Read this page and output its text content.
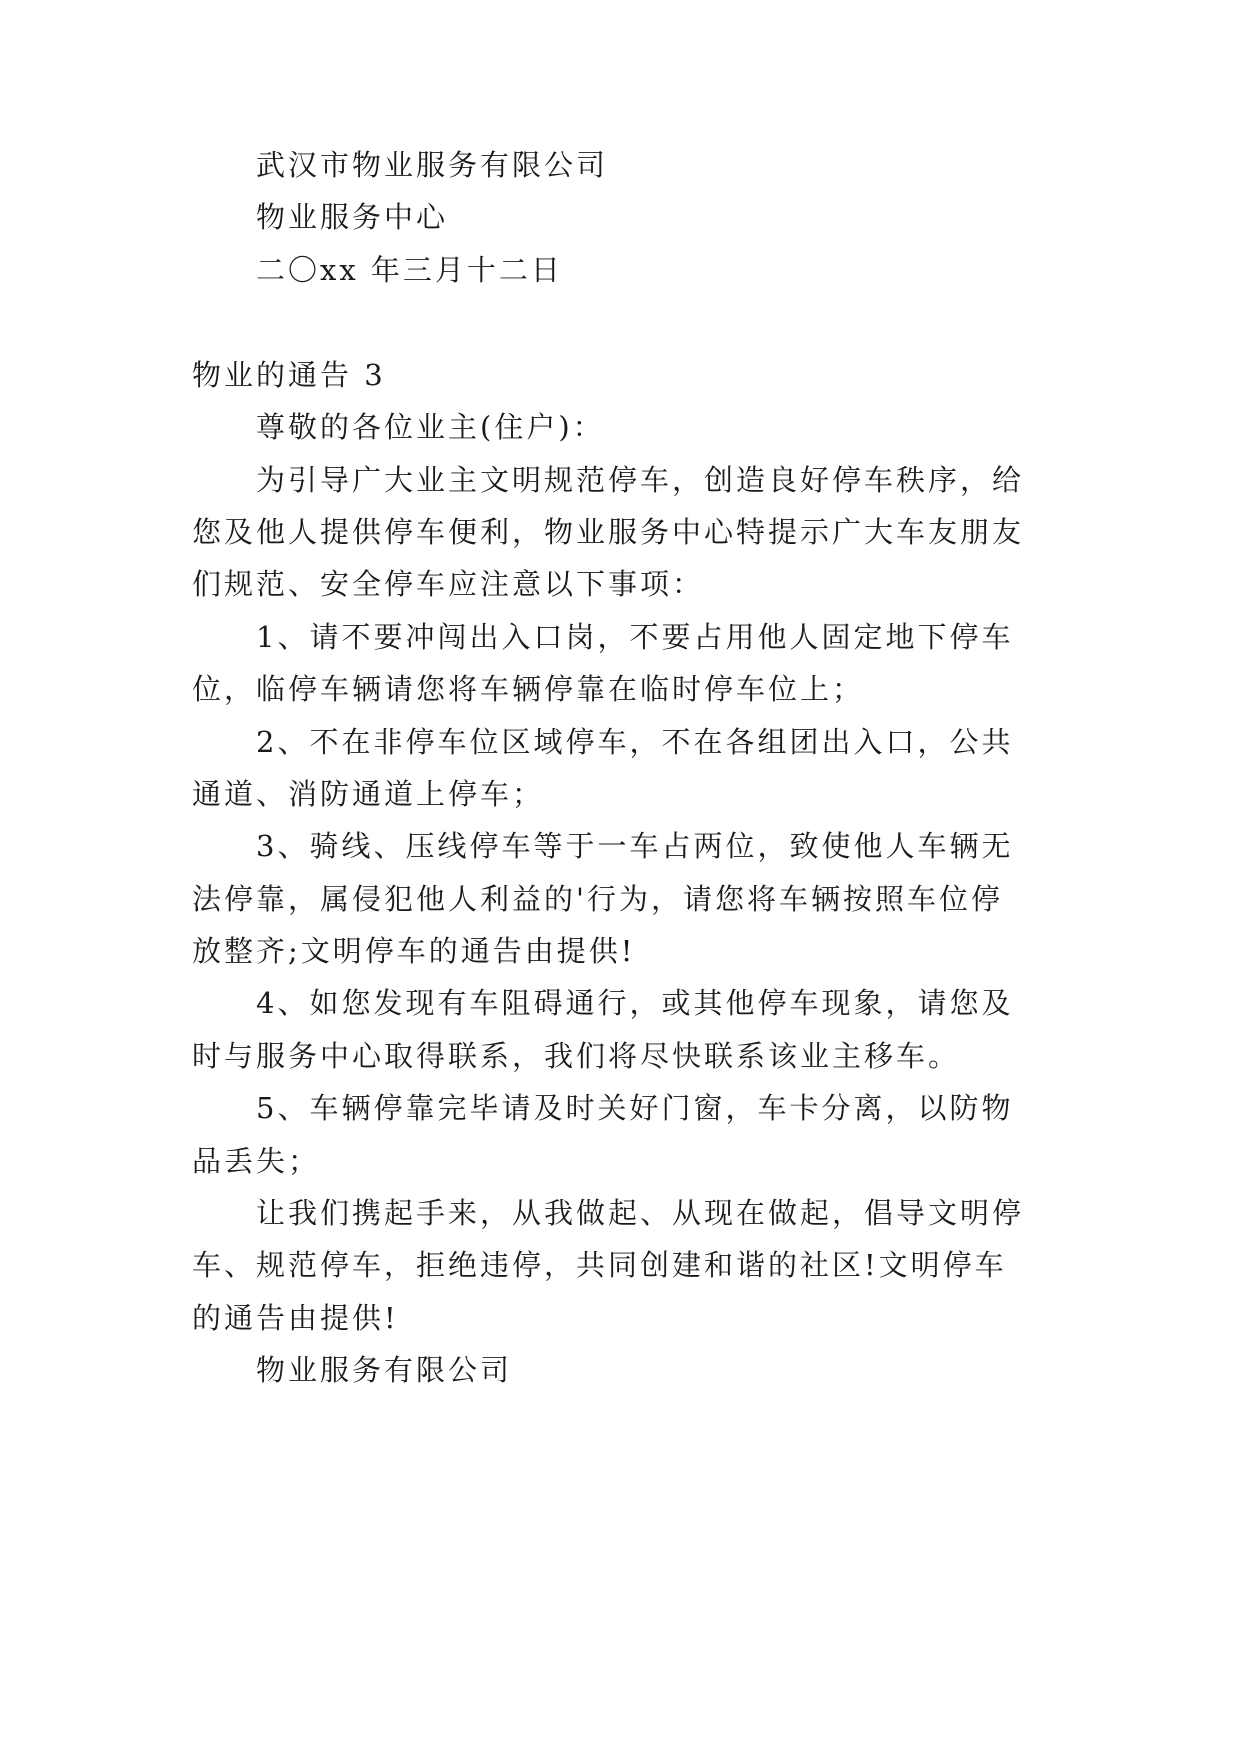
武汉市物业服务有限公司
物业服务中心
二〇xx 年三月十二日
物业的通告 3
尊敬的各位业主(住户)：
为引导广大业主文明规范停车，创造良好停车秩序，给
您及他人提供停车便利，物业服务中心特提示广大车友朋友
们规范、安全停车应注意以下事项：
1、请不要冲闯出入口岗，不要占用他人固定地下停车
位，临停车辆请您将车辆停靠在临时停车位上；
2、不在非停车位区域停车，不在各组团出入口，公共
通道、消防通道上停车；
3、骑线、压线停车等于一车占两位，致使他人车辆无
法停靠，属侵犯他人利益的'行为，请您将车辆按照车位停
放整齐;文明停车的通告由提供!
4、如您发现有车阻碍通行，或其他停车现象，请您及
时与服务中心取得联系，我们将尽快联系该业主移车。
5、车辆停靠完毕请及时关好门窗，车卡分离，以防物
品丢失；
让我们携起手来，从我做起、从现在做起，倡导文明停
车、规范停车，拒绝违停，共同创建和谐的社区!文明停车
的通告由提供!
物业服务有限公司
